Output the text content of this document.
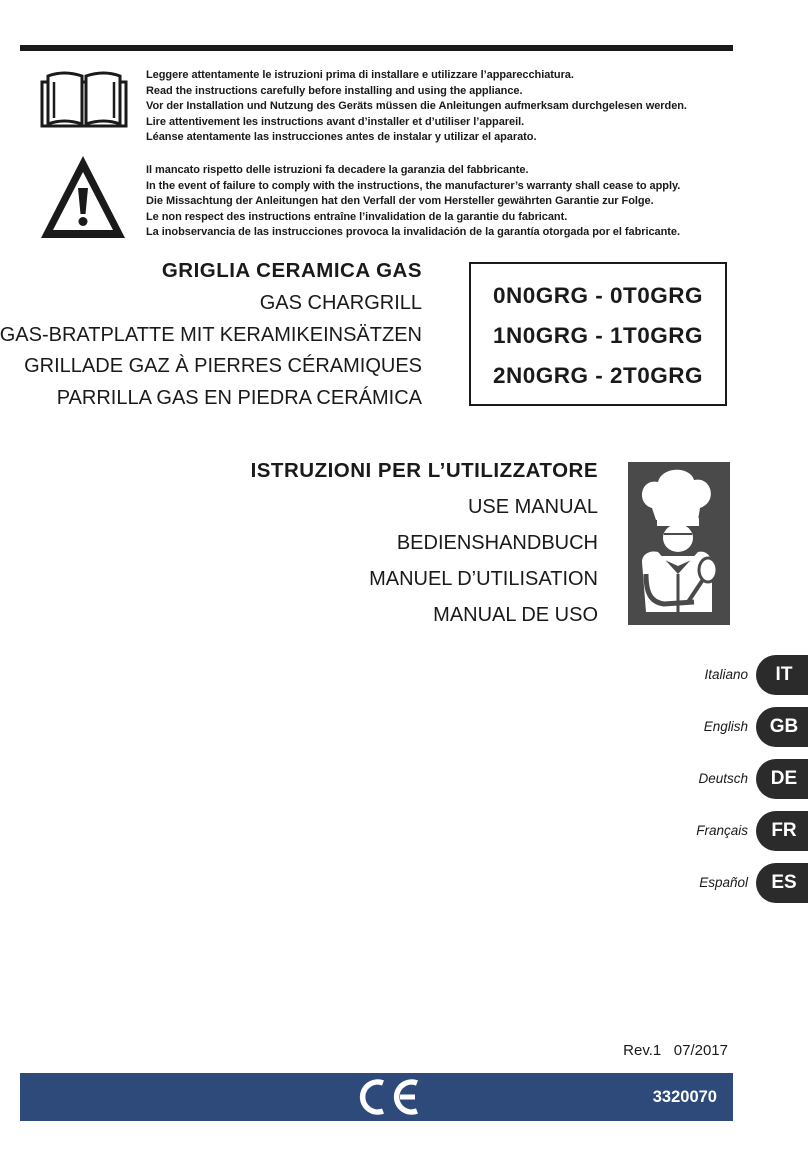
Leggere attentamente le istruzioni prima di installare e utilizzare l’apparecchiatura.
Read the instructions carefully before installing and using the appliance.
Vor der Installation und Nutzung des Geräts müssen die Anleitungen aufmerksam durchgelesen werden.
Lire attentivement les instructions avant d’installer et d’utiliser l’appareil.
Léanse atentamente las instrucciones antes de instalar y utilizar el aparato.
Il mancato rispetto delle istruzioni fa decadere la garanzia del fabbricante.
In the event of failure to comply with the instructions, the manufacturer’s warranty shall cease to apply.
Die Missachtung der Anleitungen hat den Verfall der vom Hersteller gewährten Garantie zur Folge.
Le non respect des instructions entraîne l’invalidation de la garantie du fabricant.
La inobservancia de las instrucciones provoca la invalidación de la garantía otorgada por el fabricante.
GRIGLIA CERAMICA GAS
GAS CHARGRILL
GAS-BRATPLATTE MIT KERAMIKEINSÄTZEN
GRILLADE GAZ À PIERRES CÉRAMIQUES
PARRILLA GAS EN PIEDRA CERÁMICA
0N0GRG - 0T0GRG
1N0GRG - 1T0GRG
2N0GRG - 2T0GRG
ISTRUZIONI PER L’UTILIZZATORE
USE MANUAL
BEDIENSHANDBUCH
MANUEL D’UTILISATION
MANUAL DE USO
Italiano	IT
English	GB
Deutsch	DE
Français	FR
Español	ES
Rev.1 07/2017
3320070
